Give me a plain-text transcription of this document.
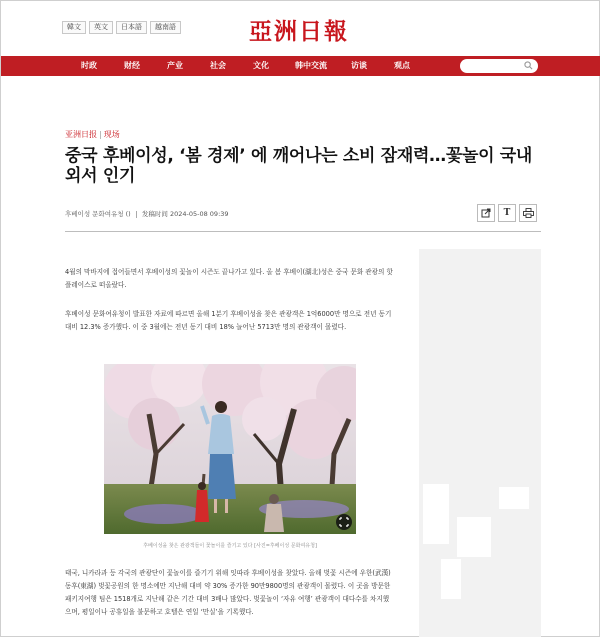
韓文	英文	日本語	越南語	亞洲日報
时政	财经	产业	社会	文化	韩中交流	访谈	观点
亚洲日报 | 现场
중국 후베이성, ‘봄 경제’ 에 깨어나는 소비 잠재력…꽃놀이 국내외서 인기
후베이성 문화여유청 () 发稿时间 2024-05-08 09:39	T

4월의 막바지에 접어들면서 후베이성의 꽃놀이 시즌도 끝나가고 있다. 올 봄 후베이(湖北)성은 중국 문화 관광의 핫플레이스로 떠올랐다.

후베이성 문화여유청이 발표한 자료에 따르면 올해 1분기 후베이성을 찾은 관광객은 1억6000만 명으로 전년 동기 대비 12.3% 증가했다. 이 중 3월에는 전년 동기 대비 18% 늘어난 5713만 명의 관광객이 몰렸다.

후베이성을 찾은 관광객들이 꽃놀이를 즐기고 있다 [사진=후베이성 문화여유청]

태국, 니카라과 등 각국의 관광단이 꽃놀이를 즐기기 위해 잇따라 후베이성을 찾았다. 올해 벚꽃 시즌에 우한(武漢) 동후(東湖) 벚꽃공원의 한 명소에만 지난해 대비 약 30% 증가한 90만9800명의 관광객이 몰렸다. 이 곳을 방문한 패키지여행 팀은 1518개로 지난해 같은 기간 대비 3배나 많았다. 벚꽃놀이 ‘자유 여행’ 관광객이 대다수를 차지했으며, 평일이나 공휴일을 불문하고 호텔은 연일 ‘만실’을 기록했다.
